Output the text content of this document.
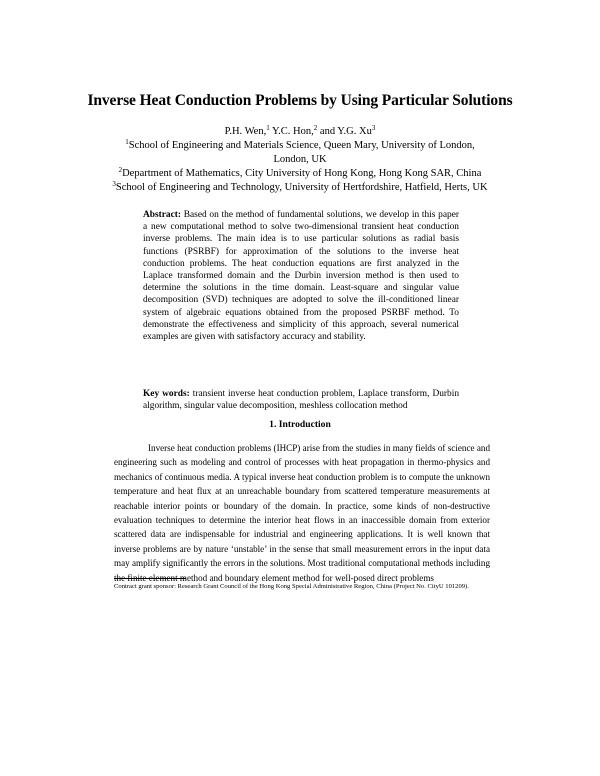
Inverse Heat Conduction Problems by Using Particular Solutions
P.H. Wen,$^1$ Y.C. Hon,$^2$ and Y.G. Xu$^3$
$^1$School of Engineering and Materials Science, Queen Mary, University of London,
London, UK
$^2$Department of Mathematics, City University of Hong Kong, Hong Kong SAR, China
$^3$School of Engineering and Technology, University of Hertfordshire, Hatfield, Herts, UK
Abstract: Based on the method of fundamental solutions, we develop in this paper a new computational method to solve two-dimensional transient heat conduction inverse problems. The main idea is to use particular solutions as radial basis functions (PSRBF) for approximation of the solutions to the inverse heat conduction problems. The heat conduction equations are first analyzed in the Laplace transformed domain and the Durbin inversion method is then used to determine the solutions in the time domain. Least-square and singular value decomposition (SVD) techniques are adopted to solve the ill-conditioned linear system of algebraic equations obtained from the proposed PSRBF method. To demonstrate the effectiveness and simplicity of this approach, several numerical examples are given with satisfactory accuracy and stability.
Key words: transient inverse heat conduction problem, Laplace transform, Durbin algorithm, singular value decomposition, meshless collocation method
1. Introduction
Inverse heat conduction problems (IHCP) arise from the studies in many fields of science and engineering such as modeling and control of processes with heat propagation in thermo-physics and mechanics of continuous media. A typical inverse heat conduction problem is to compute the unknown temperature and heat flux at an unreachable boundary from scattered temperature measurements at reachable interior points or boundary of the domain. In practice, some kinds of non-destructive evaluation techniques to determine the interior heat flows in an inaccessible domain from exterior scattered data are indispensable for industrial and engineering applications. It is well known that inverse problems are by nature ‘unstable’ in the sense that small measurement errors in the input data may amplify significantly the errors in the solutions. Most traditional computational methods including the finite element method and boundary element method for well-posed direct problems
Contract grant sponsor: Research Grant Council of the Hong Kong Special Administrative Region, China (Project No. CityU 101209).
